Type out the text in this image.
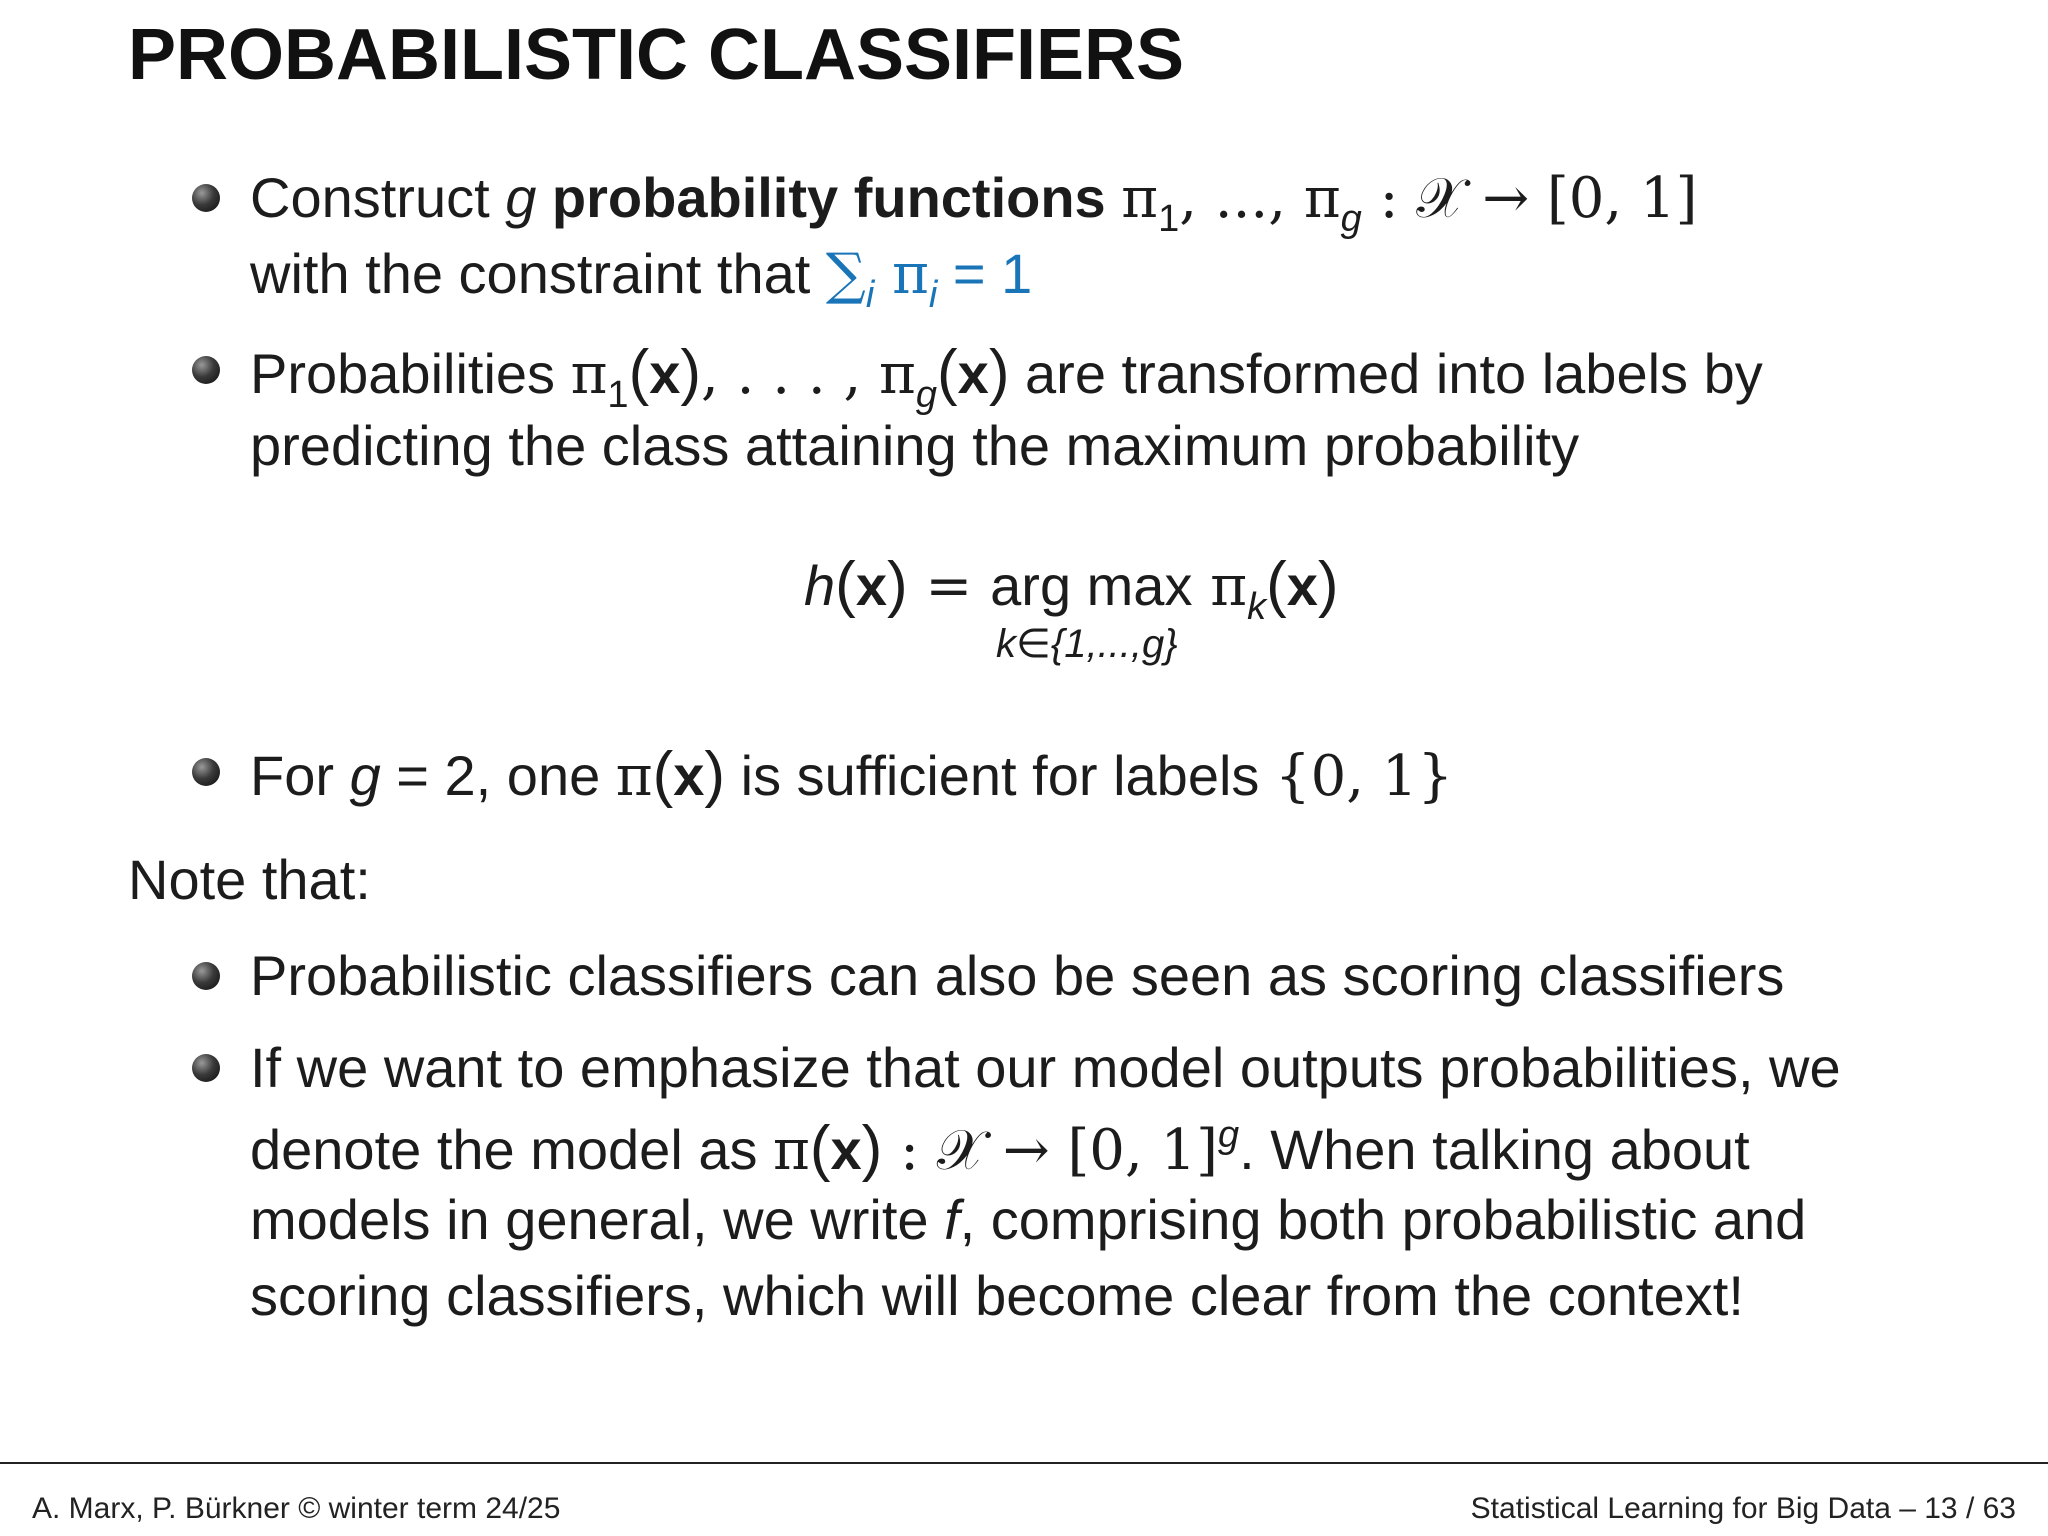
PROBABILISTIC CLASSIFIERS
Construct g probability functions $\pi_1$, ..., $\pi_g$ : 𝒳 → [0, 1]
with the constraint that $\sum_i$ $\pi_i = 1$
Probabilities $\pi_1(x)$, . . . , $\pi_g(x)$ are transformed into labels by
predicting the class attaining the maximum probability
h(x) = arg $\max \pi_k(x)$
k∈{1,...,g}
For g = 2, one π(x) is sufficient for labels {0, 1}
Note that:
Probabilistic classifiers can also be seen as scoring classifiers
If we want to emphasize that our model outputs probabilities, we
denote the model as π(x) : 𝒳 → [0, 1]$^g$. When talking about
models in general, we write f, comprising both probabilistic and
scoring classifiers, which will become clear from the context!
A. Marx, P. Bürkner © winter term 24/25	Statistical Learning for Big Data – 13 / 63
